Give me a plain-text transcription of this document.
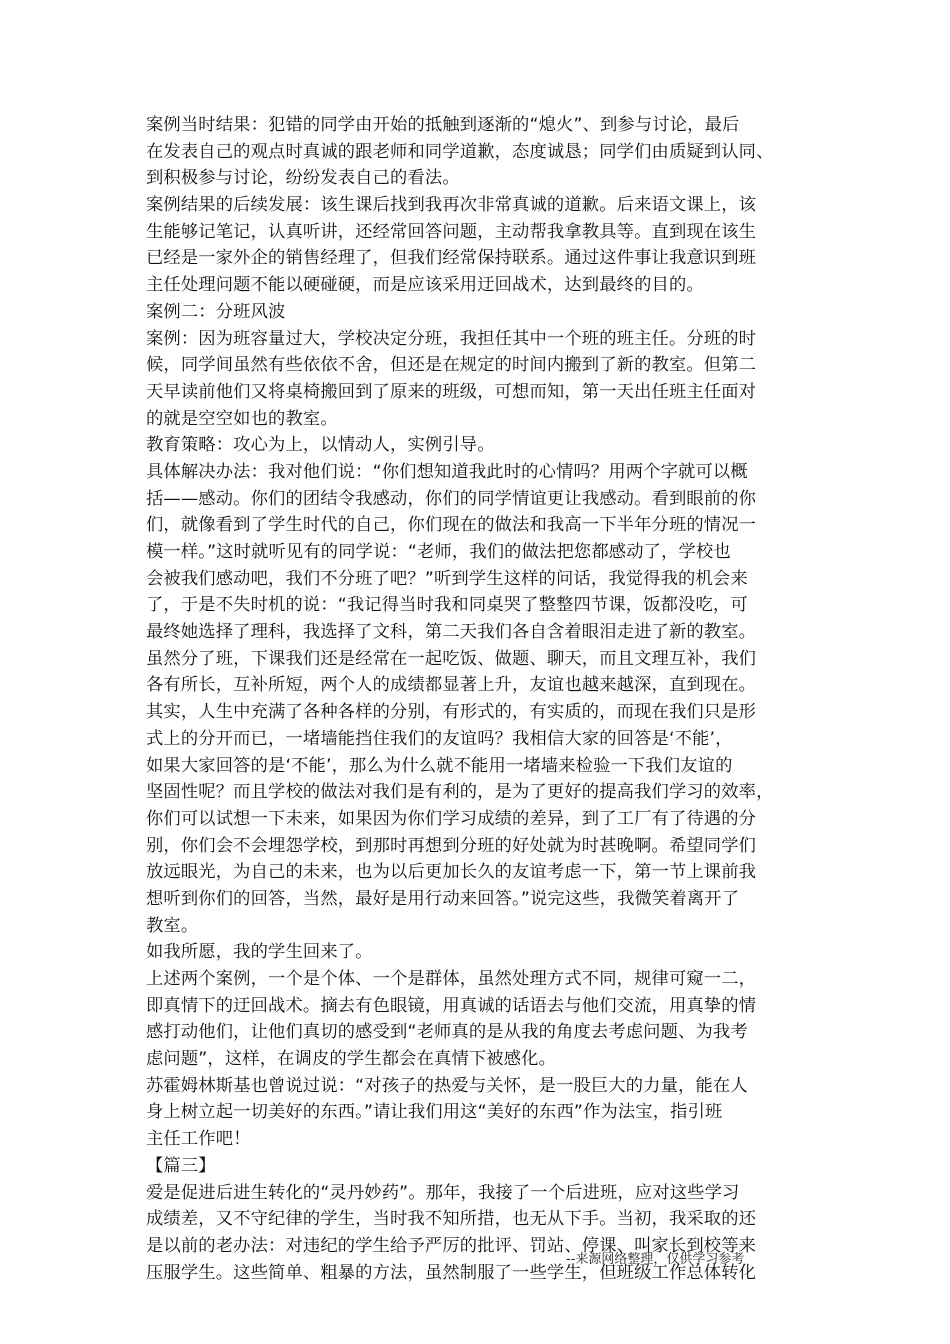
案例当时结果：犯错的同学由开始的抵触到逐渐的“熄火”、到参与讨论，最后
在发表自己的观点时真诚的跟老师和同学道歉，态度诚恳；同学们由质疑到认同、
到积极参与讨论，纷纷发表自己的看法。
案例结果的后续发展：该生课后找到我再次非常真诚的道歉。后来语文课上，该
生能够记笔记，认真听讲，还经常回答问题，主动帮我拿教具等。直到现在该生
已经是一家外企的销售经理了，但我们经常保持联系。通过这件事让我意识到班
主任处理问题不能以硬碰硬，而是应该采用迂回战术，达到最终的目的。
案例二：分班风波
案例：因为班容量过大，学校决定分班，我担任其中一个班的班主任。分班的时
候，同学间虽然有些依依不舍，但还是在规定的时间内搬到了新的教室。但第二
天早读前他们又将桌椅搬回到了原来的班级，可想而知，第一天出任班主任面对
的就是空空如也的教室。
教育策略：攻心为上，以情动人，实例引导。
具体解决办法：我对他们说：“你们想知道我此时的心情吗？用两个字就可以概
括——感动。你们的团结令我感动，你们的同学情谊更让我感动。看到眼前的你
们，就像看到了学生时代的自己，你们现在的做法和我高一下半年分班的情况一
模一样。”这时就听见有的同学说：“老师，我们的做法把您都感动了，学校也
会被我们感动吧，我们不分班了吧？”听到学生这样的问话，我觉得我的机会来
了，于是不失时机的说：“我记得当时我和同桌哭了整整四节课，饭都没吃，可
最终她选择了理科，我选择了文科，第二天我们各自含着眼泪走进了新的教室。
虽然分了班，下课我们还是经常在一起吃饭、做题、聊天，而且文理互补，我们
各有所长，互补所短，两个人的成绩都显著上升，友谊也越来越深，直到现在。
其实，人生中充满了各种各样的分别，有形式的，有实质的，而现在我们只是形
式上的分开而已，一堵墙能挡住我们的友谊吗？我相信大家的回答是‘不能’，
如果大家回答的是‘不能’，那么为什么就不能用一堵墙来检验一下我们友谊的
坚固性呢？而且学校的做法对我们是有利的，是为了更好的提高我们学习的效率，
你们可以试想一下未来，如果因为你们学习成绩的差异，到了工厂有了待遇的分
别，你们会不会埋怨学校，到那时再想到分班的好处就为时甚晚啊。希望同学们
放远眼光，为自己的未来，也为以后更加长久的友谊考虑一下，第一节上课前我
想听到你们的回答，当然，最好是用行动来回答。”说完这些，我微笑着离开了
教室。
如我所愿，我的学生回来了。
上述两个案例，一个是个体、一个是群体，虽然处理方式不同，规律可窥一二，
即真情下的迂回战术。摘去有色眼镜，用真诚的话语去与他们交流，用真挚的情
感打动他们，让他们真切的感受到“老师真的是从我的角度去考虑问题、为我考
虑问题”，这样，在调皮的学生都会在真情下被感化。
苏霍姆林斯基也曾说过说：“对孩子的热爱与关怀，是一股巨大的力量，能在人
身上树立起一切美好的东西。”请让我们用这“美好的东西”作为法宝，指引班
主任工作吧！
【篇三】
爱是促进后进生转化的“灵丹妙药”。那年，我接了一个后进班，应对这些学习
成绩差，又不守纪律的学生，当时我不知所措，也无从下手。当初，我采取的还
是以前的老办法：对违纪的学生给予严厉的批评、罚站、停课、叫家长到校等来
压服学生。这些简单、粗暴的方法，虽然制服了一些学生，但班级工作总体转化
--来源网络整理，仅供学习参考
